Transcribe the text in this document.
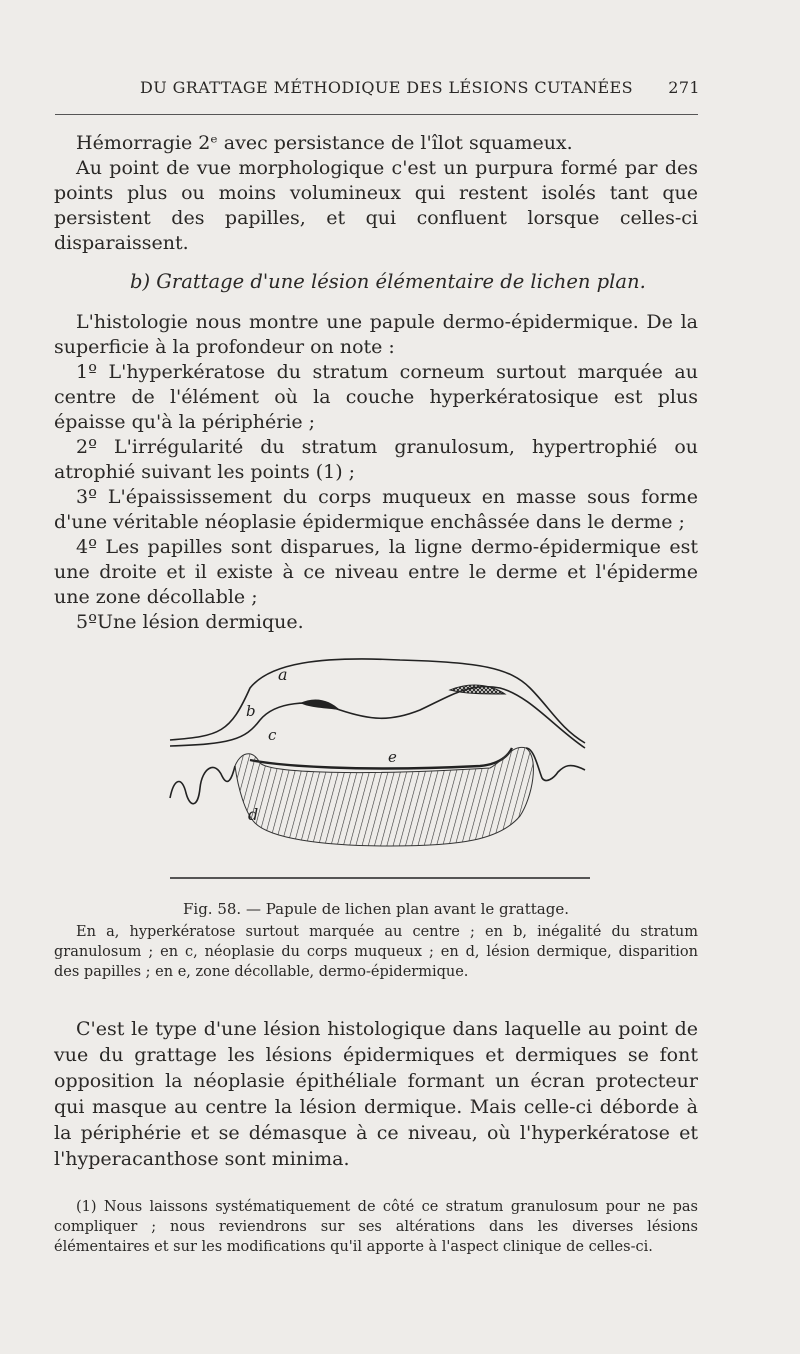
DU GRATTAGE MÉTHODIQUE DES LÉSIONS CUTANÉES 271

Hémorragie 2ᵉ avec persistance de l'îlot squameux.

Au point de vue morphologique c'est un purpura formé par des points plus ou moins volumineux qui restent isolés tant que persistent des papilles, et qui confluent lorsque celles-ci disparaissent.

b) Grattage d'une lésion élémentaire de lichen plan.

L'histologie nous montre une papule dermo-épidermique. De la superficie à la profondeur on note :

1º L'hyperkératose du stratum corneum surtout marquée au centre de l'élément où la couche hyperkératosique est plus épaisse qu'à la périphérie ;

2º L'irrégularité du stratum granulosum, hypertrophié ou atrophié suivant les points (1) ;

3º L'épaississement du corps muqueux en masse sous forme d'une véritable néoplasie épidermique enchâssée dans le derme ;

4º Les papilles sont disparues, la ligne dermo-épidermique est une droite et il existe à ce niveau entre le derme et l'épiderme une zone décollable ;

5ºUne lésion dermique.

a
b
c
d
e
Fig. 58. — Papule de lichen plan avant le grattage.

En a, hyperkératose surtout marquée au centre ; en b, inégalité du stratum granulosum ; en c, néoplasie du corps muqueux ; en d, lésion dermique, disparition des papilles ; en e, zone décollable, dermo-épidermique.

C'est le type d'une lésion histologique dans laquelle au point de vue du grattage les lésions épidermiques et dermiques se font opposition la néoplasie épithéliale formant un écran protecteur qui masque au centre la lésion dermique. Mais celle-ci déborde à la périphérie et se démasque à ce niveau, où l'hyperkératose et l'hyperacanthose sont minima.

(1) Nous laissons systématiquement de côté ce stratum granulosum pour ne pas compliquer ; nous reviendrons sur ses altérations dans les diverses lésions élémentaires et sur les modifications qu'il apporte à l'aspect clinique de celles-ci.
